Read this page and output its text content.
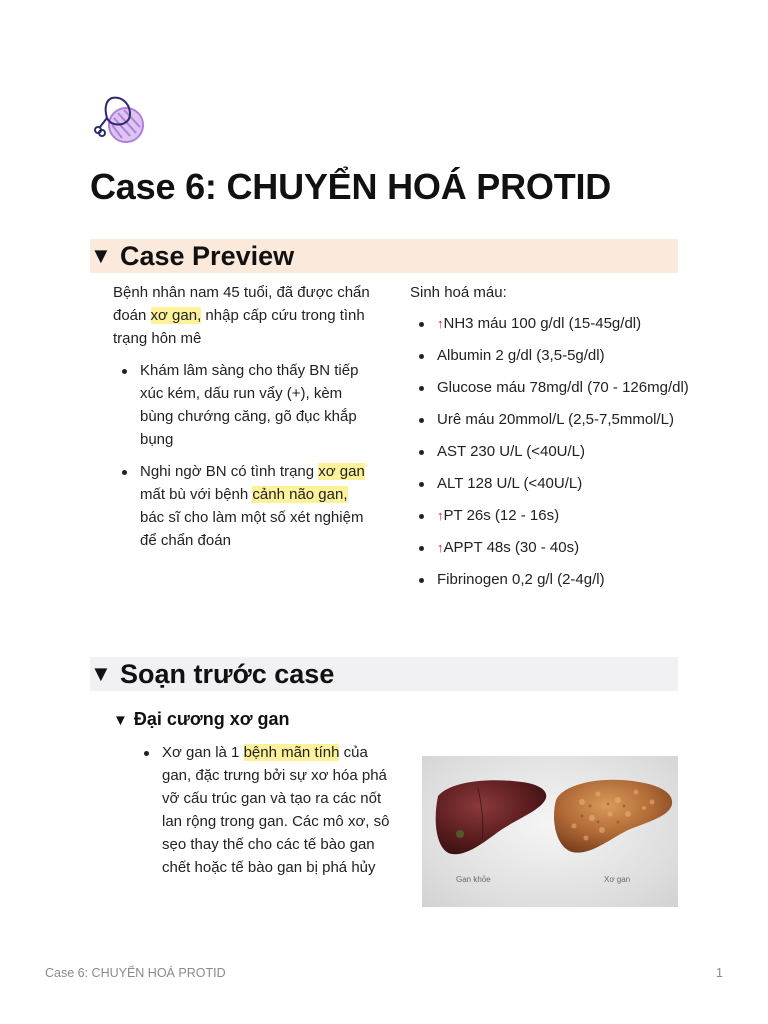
Case 6: CHUYỂN HOÁ PROTID
▼ Case Preview

Bệnh nhân nam 45 tuổi, đã được chẩn đoán xơ gan, nhập cấp cứu trong tình trạng hôn mê

Khám lâm sàng cho thấy BN tiếp xúc kém, dấu run vẩy (+), kèm bùng chướng căng, gõ đục khắp bụng
Nghi ngờ BN có tình trạng xơ gan mất bù với bệnh cảnh não gan, bác sĩ cho làm một số xét nghiệm để chẩn đoán

Sinh hoá máu:

↑NH3 máu 100 g/dl (15-45g/dl)
Albumin 2 g/dl (3,5-5g/dl)
Glucose máu 78mg/dl (70 - 126mg/dl)
Urê máu 20mmol/L (2,5-7,5mmol/L)
AST 230 U/L (<40U/L)
ALT 128 U/L (<40U/L)
↑PT 26s (12 - 16s)
↑APPT 48s (30 - 40s)
Fibrinogen 0,2 g/l (2-4g/l)
▼ Soạn trước case
▼ Đại cương xơ gan
Xơ gan là 1 bệnh mãn tính của gan, đặc trưng bởi sự xơ hóa phá vỡ cấu trúc gan và tạo ra các nốt lan rộng trong gan. Các mô xơ, sô sẹo thay thế cho các tế bào gan chết hoặc tế bào gan bị phá hủy
Gan khỏe	Xơ gan
Case 6: CHUYỂN HOÁ PROTID	1
